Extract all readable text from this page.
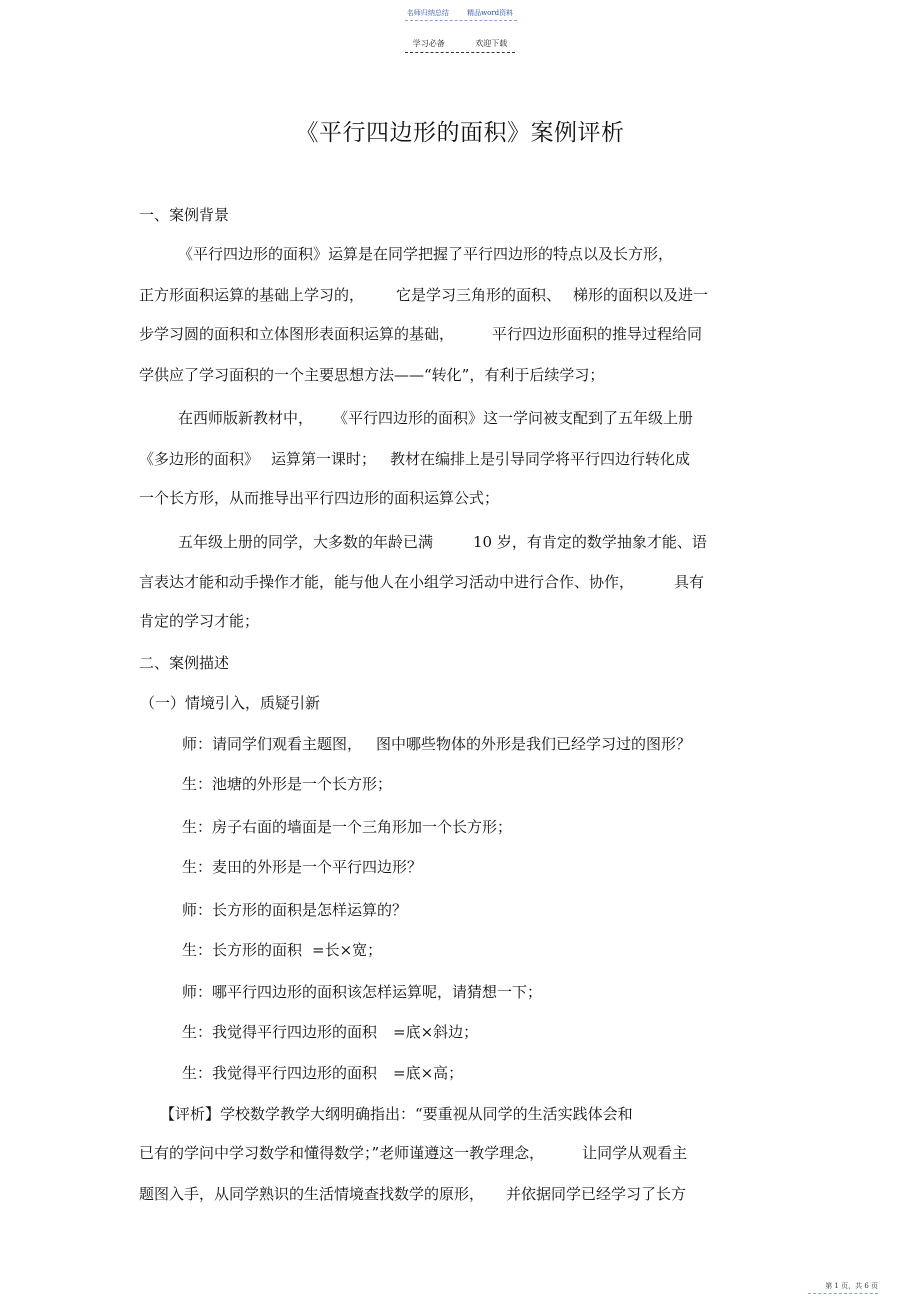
名师归纳总结	精品word资料
学习必备	欢迎下载
《平行四边形的面积》案例评析
一、案例背景
《平行四边形的面积》运算是在同学把握了平行四边形的特点以及长方形，
正方形面积运算的基础上学习的， 它是学习三角形的面积、 梯形的面积以及进一
步学习圆的面积和立体图形表面积运算的基础，	平行四边形面积的推导过程给同
学供应了学习面积的一个主要思想方法——“转化”，有利于后续学习；
在西师版新教材中， 《平行四边形的面积》这一学问被支配到了五年级上册
《多边形的面积》 运算第一课时； 教材在编排上是引导同学将平行四边行转化成
一个长方形，从而推导出平行四边形的面积运算公式；
五年级上册的同学，大多数的年龄已满	10 岁，有肯定的数学抽象才能、语
言表达才能和动手操作才能，能与他人在小组学习活动中进行合作、协作，	具有
肯定的学习才能；
二、案例描述
（一）情境引入，质疑引新
师：请同学们观看主题图， 图中哪些物体的外形是我们已经学习过的图形？
生：池塘的外形是一个长方形；
生：房子右面的墙面是一个三角形加一个长方形；
生：麦田的外形是一个平行四边形？
师：长方形的面积是怎样运算的？
生：长方形的面积 =长×宽；
师：哪平行四边形的面积该怎样运算呢，请猜想一下；
生：我觉得平行四边形的面积 =底×斜边；
生：我觉得平行四边形的面积 =底×高；
【评析】学校数学教学大纲明确指出：“要重视从同学的生活实践体会和
已有的学问中学习数学和懂得数学；”老师谨遵这一教学理念，	让同学从观看主
题图入手，从同学熟识的生活情境查找数学的原形， 并依据同学已经学习了长方
第 1 页，共 6 页
